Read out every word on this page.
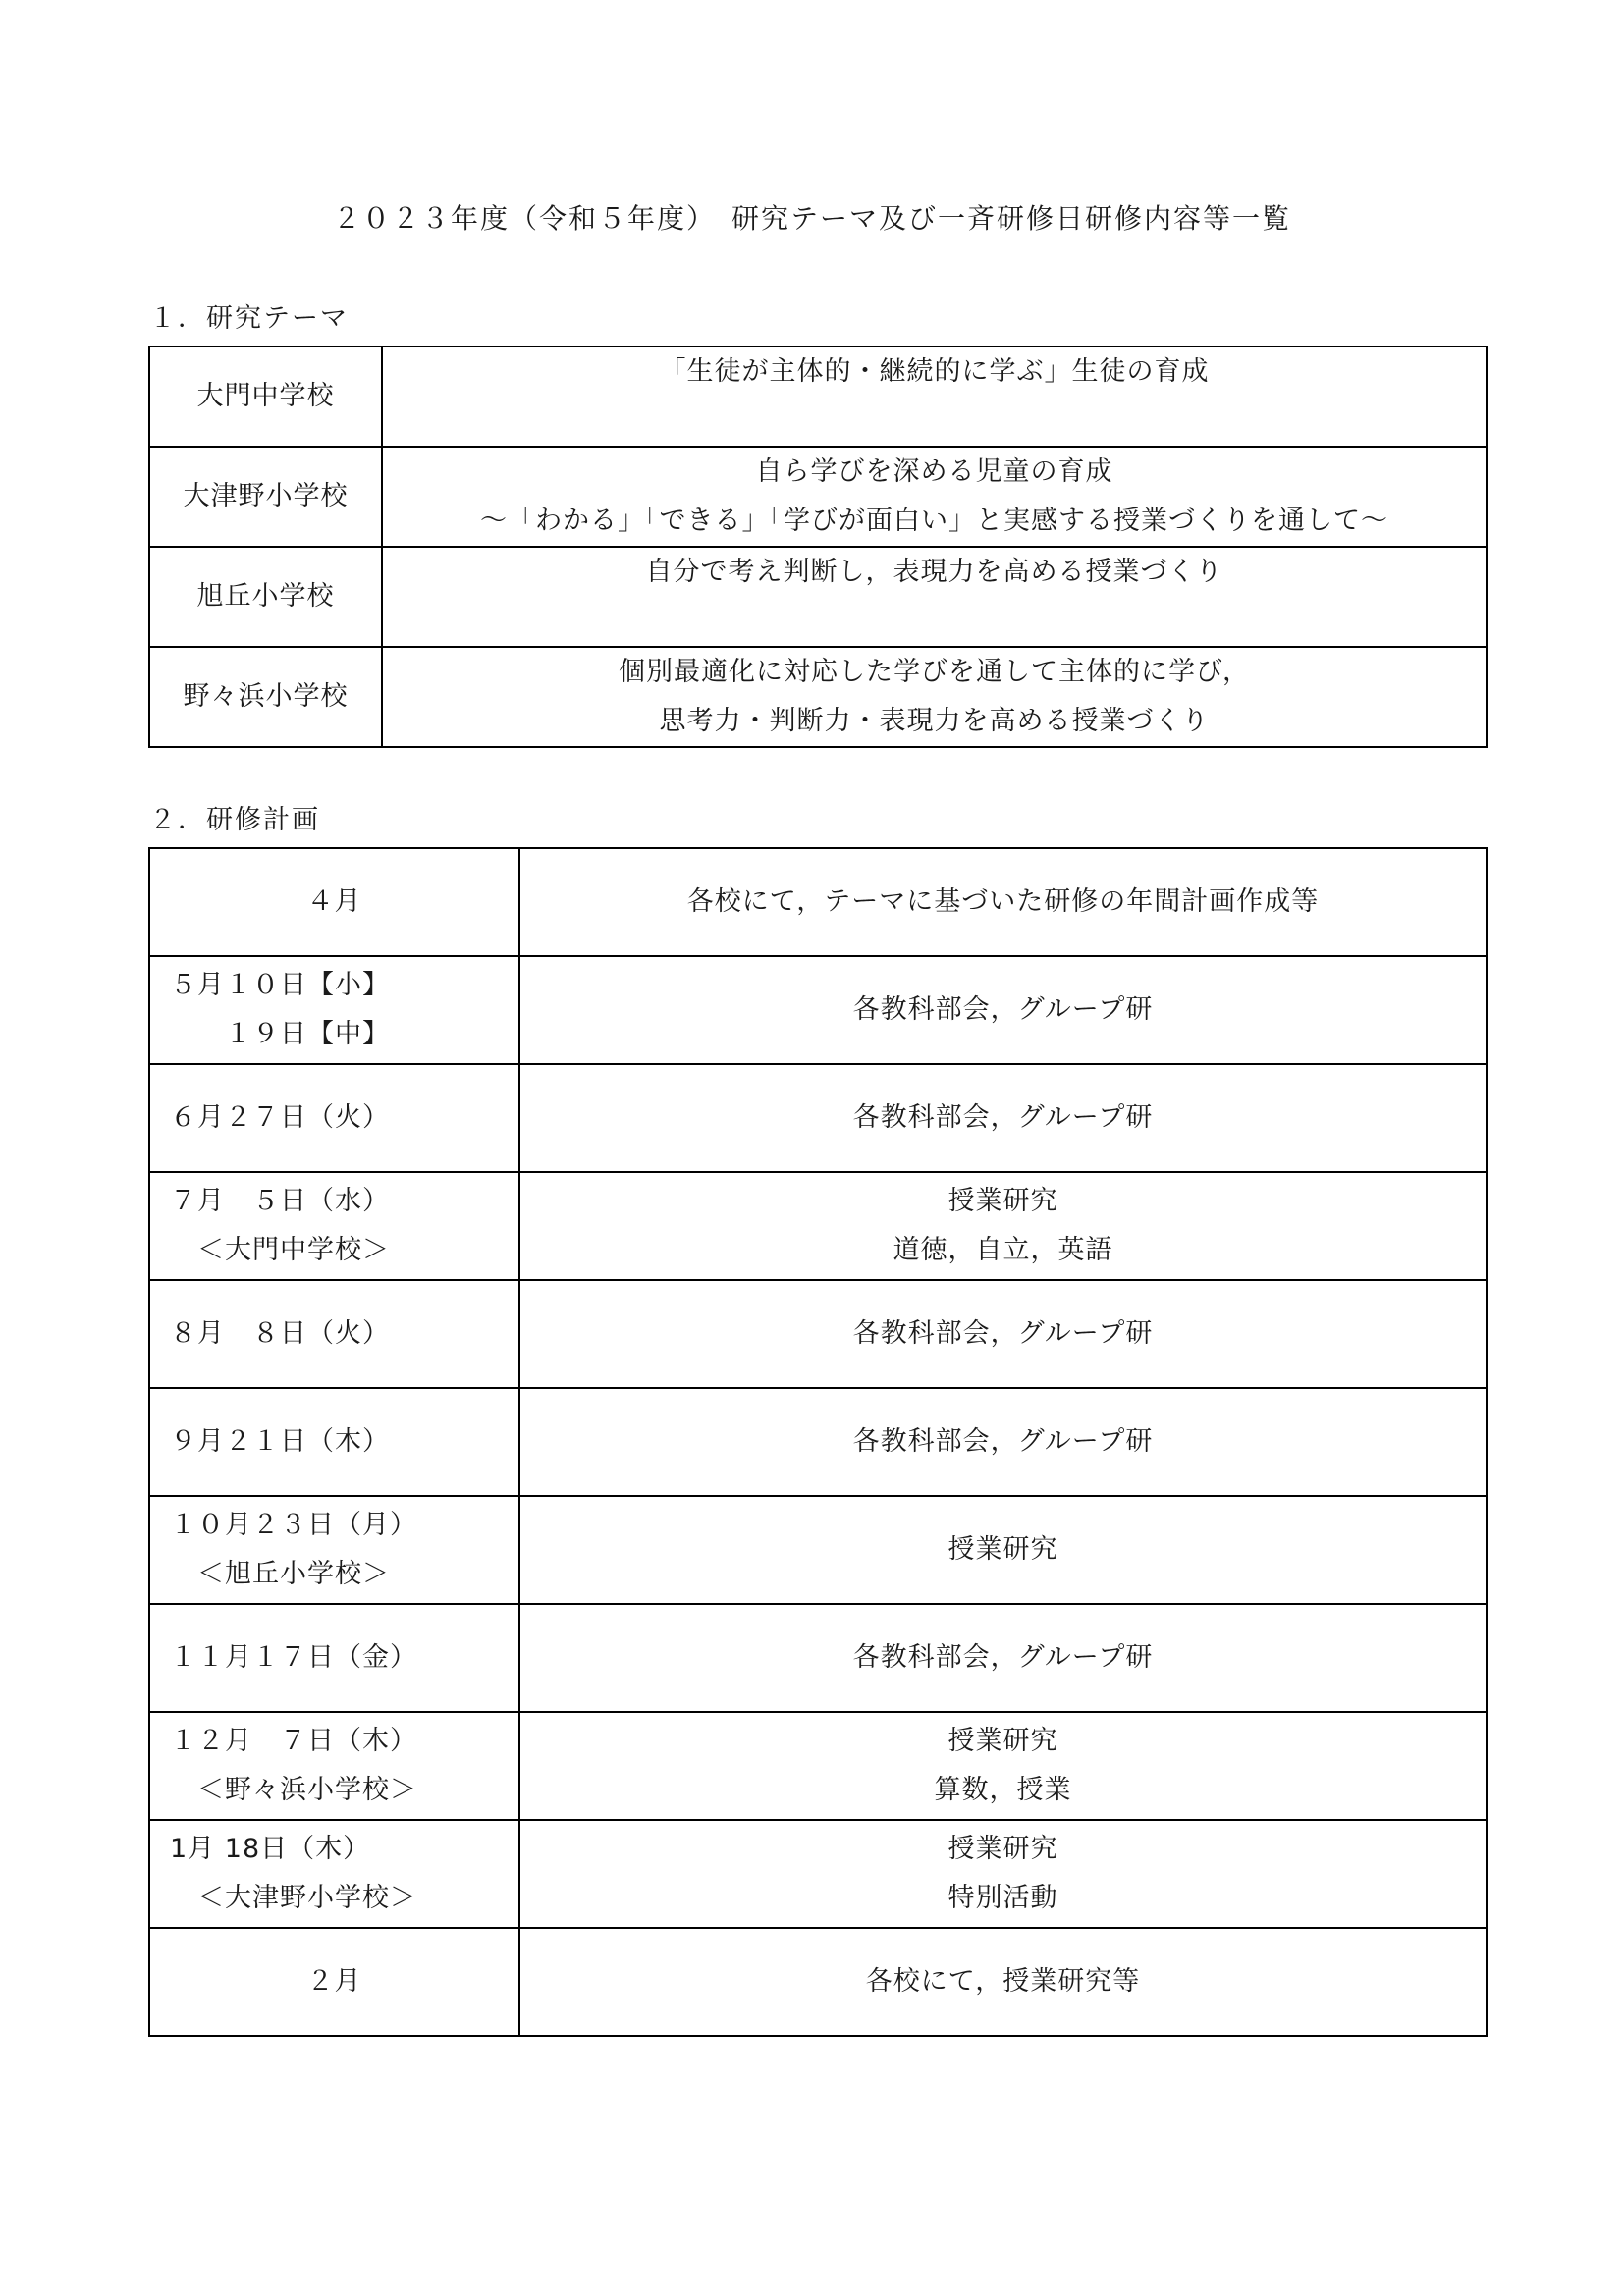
２０２３年度（令和５年度）　研究テーマ及び一斉研修日研修内容等一覧
１．研究テーマ
大門中学校	「生徒が主体的・継続的に学ぶ」生徒の育成

大津野小学校	自ら学びを深める児童の育成
～「わかる」「できる」「学びが面白い」と実感する授業づくりを通して～

旭丘小学校	自分で考え判断し，表現力を高める授業づくり

野々浜小学校	個別最適化に対応した学びを通して主体的に学び，
思考力・判断力・表現力を高める授業づくり
２．研修計画
４月	各校にて，テーマに基づいた研修の年間計画作成等

５月１０日【小】
　　１９日【中】	各教科部会，グループ研

６月２７日（火）	各教科部会，グループ研

７月　５日（水）
　＜大門中学校＞	授業研究
道徳，自立，英語

８月　８日（火）	各教科部会，グループ研

９月２１日（木）	各教科部会，グループ研

１０月２３日（月）
　＜旭丘小学校＞	授業研究

１１月１７日（金）	各教科部会，グループ研

１２月　７日（木）
　＜野々浜小学校＞	授業研究
算数，授業

1月 18日（木）
　＜大津野小学校＞	授業研究
特別活動

２月	各校にて，授業研究等
